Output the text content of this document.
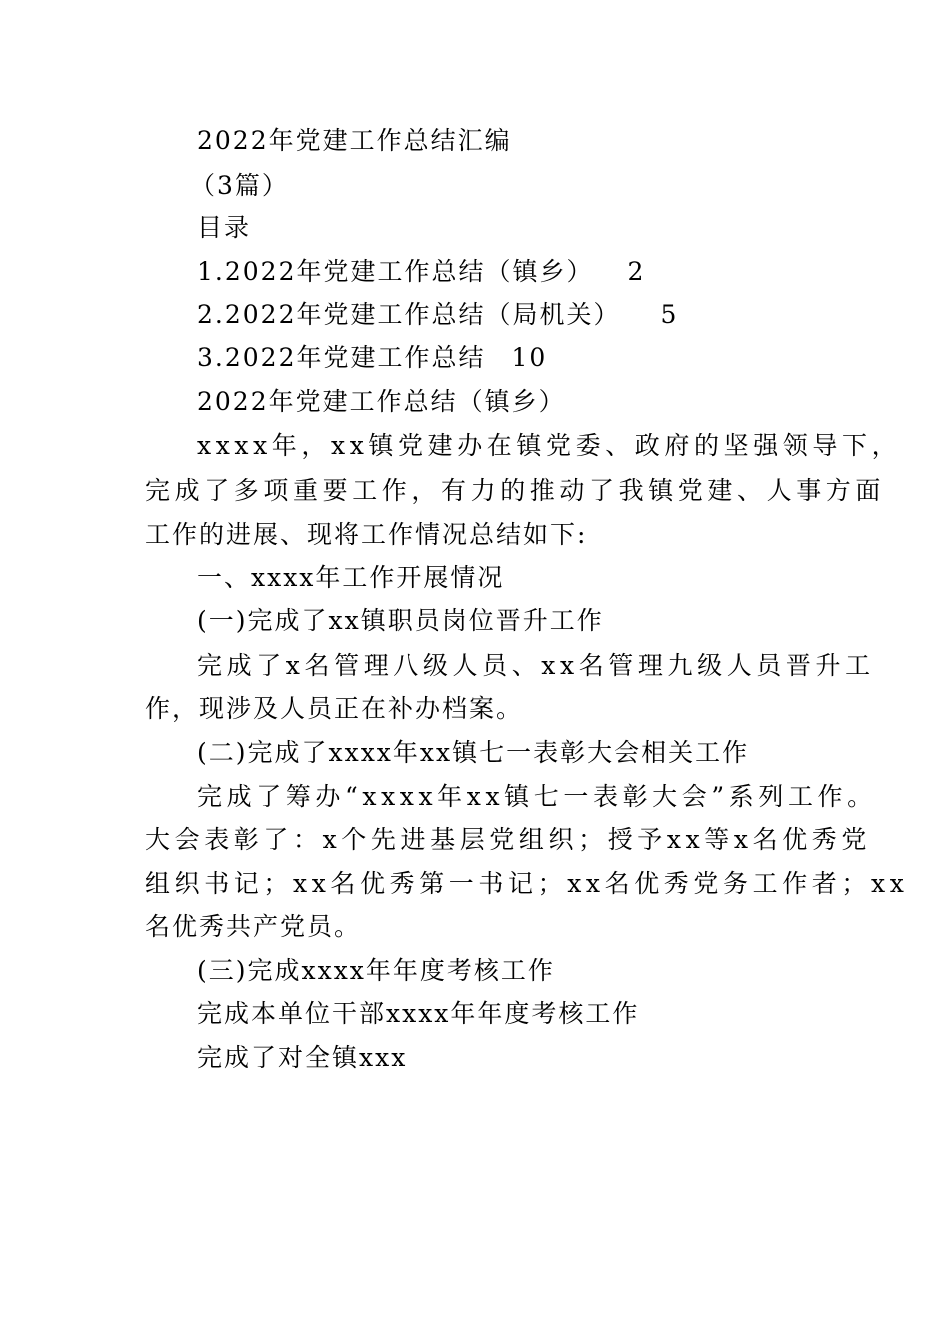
2022年党建工作总结汇编
（3篇）
目录
1.2022年党建工作总结（镇乡） 2
2.2022年党建工作总结（局机关） 5
3.2022年党建工作总结 10
2022年党建工作总结（镇乡）
xxxx年，xx镇党建办在镇党委、政府的坚强领导下，
完成了多项重要工作，有力的推动了我镇党建、人事方面
工作的进展、现将工作情况总结如下:
一、xxxx年工作开展情况
(一)完成了xx镇职员岗位晋升工作
完成了x名管理八级人员、xx名管理九级人员晋升工
作，现涉及人员正在补办档案。
(二)完成了xxxx年xx镇七一表彰大会相关工作
完成了筹办“xxxx年xx镇七一表彰大会”系列工作。
大会表彰了：x个先进基层党组织；授予xx等x名优秀党
组织书记；xx名优秀第一书记；xx名优秀党务工作者；xx
名优秀共产党员。
(三)完成xxxx年年度考核工作
完成本单位干部xxxx年年度考核工作
完成了对全镇xxx
